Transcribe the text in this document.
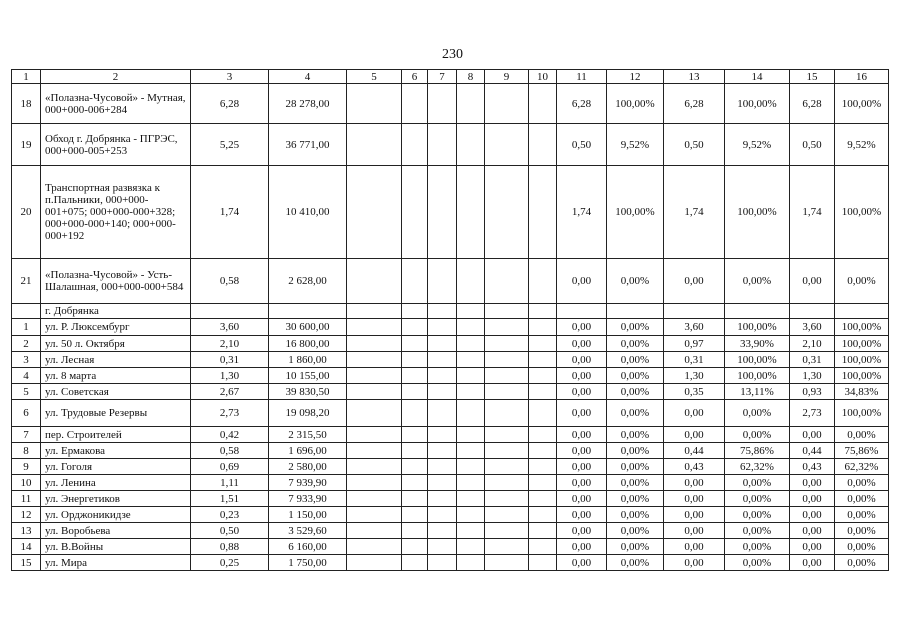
230
1	2	3	4	5	6	7	8	9	10	11	12	13	14	15	16
18	«Полазна-Чусовой» - Мутная, 000+000-006+284	6,28	28 278,00							6,28	100,00%	6,28	100,00%	6,28	100,00%
19	Обход г. Добрянка - ПГРЭС, 000+000-005+253	5,25	36 771,00							0,50	9,52%	0,50	9,52%	0,50	9,52%
20	Транспортная развязка к п.Пальники, 000+000-001+075; 000+000-000+328; 000+000-000+140; 000+000-000+192	1,74	10 410,00							1,74	100,00%	1,74	100,00%	1,74	100,00%
21	«Полазна-Чусовой» - Усть-Шалашная, 000+000-000+584	0,58	2 628,00							0,00	0,00%	0,00	0,00%	0,00	0,00%
	г. Добрянка														
1	ул. Р. Люксембург	3,60	30 600,00							0,00	0,00%	3,60	100,00%	3,60	100,00%
2	ул. 50 л. Октября	2,10	16 800,00							0,00	0,00%	0,97	33,90%	2,10	100,00%
3	ул. Лесная	0,31	1 860,00							0,00	0,00%	0,31	100,00%	0,31	100,00%
4	ул. 8 марта	1,30	10 155,00							0,00	0,00%	1,30	100,00%	1,30	100,00%
5	ул. Советская	2,67	39 830,50							0,00	0,00%	0,35	13,11%	0,93	34,83%
6	ул. Трудовые Резервы	2,73	19 098,20							0,00	0,00%	0,00	0,00%	2,73	100,00%
7	пер. Строителей	0,42	2 315,50							0,00	0,00%	0,00	0,00%	0,00	0,00%
8	ул. Ермакова	0,58	1 696,00							0,00	0,00%	0,44	75,86%	0,44	75,86%
9	ул. Гоголя	0,69	2 580,00							0,00	0,00%	0,43	62,32%	0,43	62,32%
10	ул. Ленина	1,11	7 939,90							0,00	0,00%	0,00	0,00%	0,00	0,00%
11	ул. Энергетиков	1,51	7 933,90							0,00	0,00%	0,00	0,00%	0,00	0,00%
12	ул. Орджоникидзе	0,23	1 150,00							0,00	0,00%	0,00	0,00%	0,00	0,00%
13	ул. Воробьева	0,50	3 529,60							0,00	0,00%	0,00	0,00%	0,00	0,00%
14	ул. В.Войны	0,88	6 160,00							0,00	0,00%	0,00	0,00%	0,00	0,00%
15	ул. Мира	0,25	1 750,00							0,00	0,00%	0,00	0,00%	0,00	0,00%
